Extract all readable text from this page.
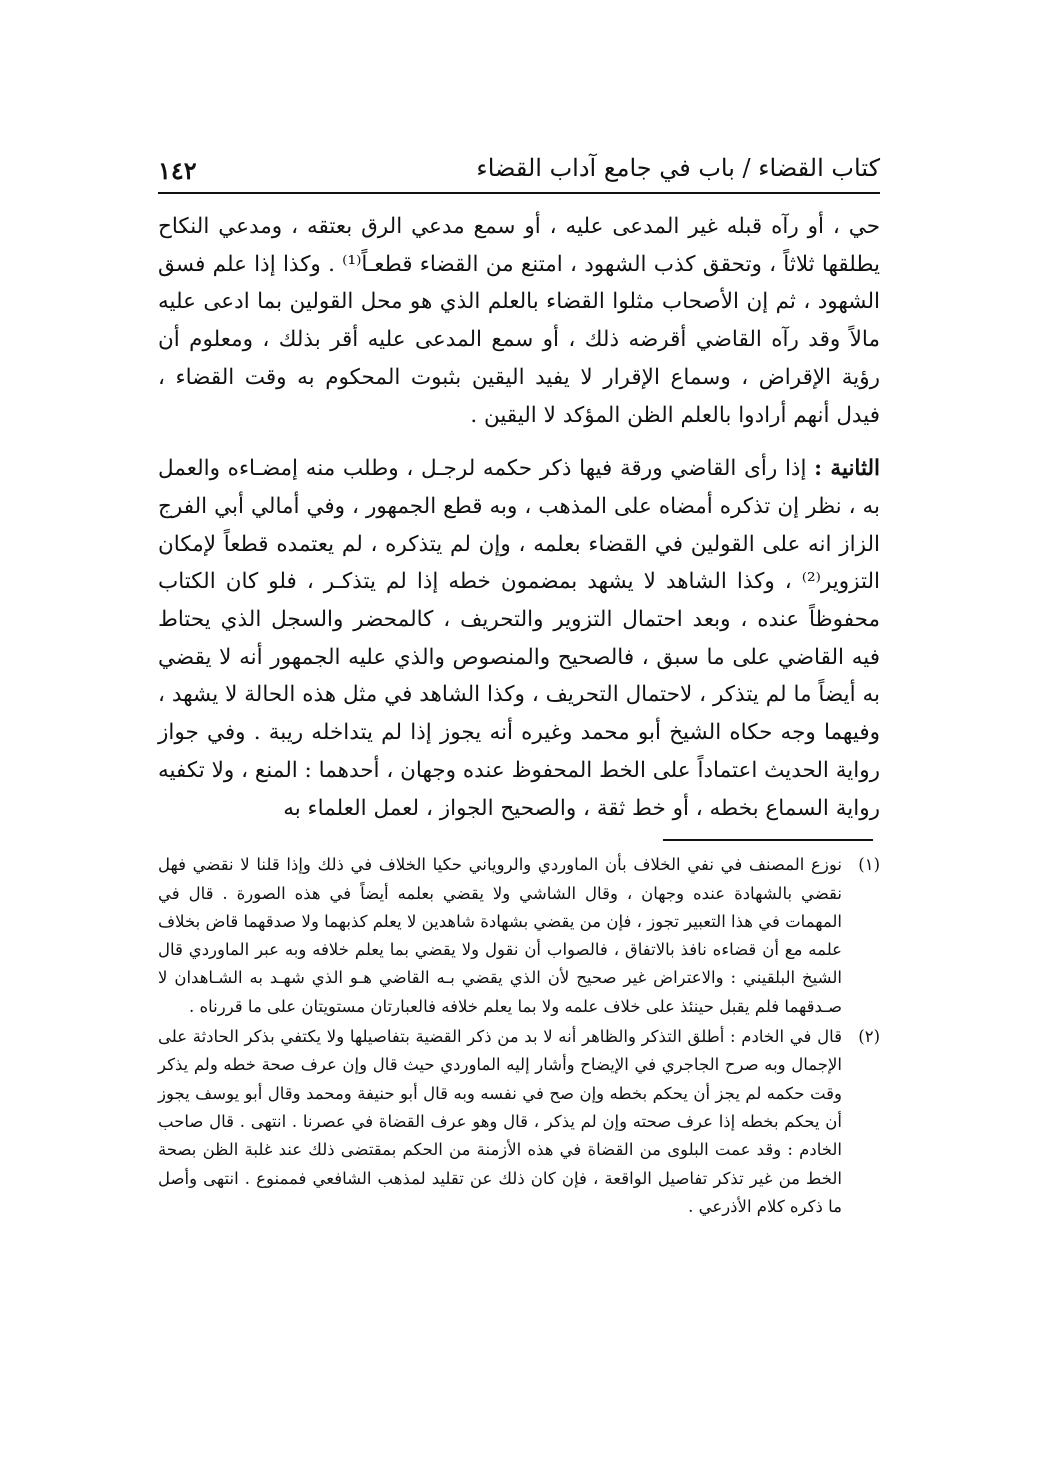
كتاب القضاء / باب في جامع آداب القضاء
١٤٢

حي ، أو رآه قبله غير المدعى عليه ، أو سمع مدعي الرق بعتقه ، ومدعي النكاح يطلقها ثلاثاً ، وتحقق كذب الشهود ، امتنع من القضاء قطعـاً⁽¹⁾ . وكذا إذا علم فسق الشهود ، ثم إن الأصحاب مثلوا القضاء بالعلم الذي هو محل القولين بما ادعى عليه مالاً وقد رآه القاضي أقرضه ذلك ، أو سمع المدعى عليه أقر بذلك ، ومعلوم أن رؤية الإقراض ، وسماع الإقرار لا يفيد اليقين بثبوت المحكوم به وقت القضاء ، فيدل أنهم أرادوا بالعلم الظن المؤكد لا اليقين .

الثانية : إذا رأى القاضي ورقة فيها ذكر حكمه لرجـل ، وطلب منه إمضـاءه والعمل به ، نظر إن تذكره أمضاه على المذهب ، وبه قطع الجمهور ، وفي أمالي أبي الفرج الزاز انه على القولين في القضاء بعلمه ، وإن لم يتذكره ، لم يعتمده قطعاً لإمكان التزوير⁽²⁾ ، وكذا الشاهد لا يشهد بمضمون خطه إذا لم يتذكـر ، فلو كان الكتاب محفوظاً عنده ، وبعد احتمال التزوير والتحريف ، كالمحضر والسجل الذي يحتاط فيه القاضي على ما سبق ، فالصحيح والمنصوص والذي عليه الجمهور أنه لا يقضي به أيضاً ما لم يتذكر ، لاحتمال التحريف ، وكذا الشاهد في مثل هذه الحالة لا يشهد ، وفيهما وجه حكاه الشيخ أبو محمد وغيره أنه يجوز إذا لم يتداخله ريبة . وفي جواز رواية الحديث اعتماداً على الخط المحفوظ عنده وجهان ، أحدهما : المنع ، ولا تكفيه رواية السماع بخطه ، أو خط ثقة ، والصحيح الجواز ، لعمل العلماء به

(١)
نوزع المصنف في نفي الخلاف بأن الماوردي والروياني حكيا الخلاف في ذلك وإذا قلنا لا نقضي فهل نقضي بالشهادة عنده وجهان ، وقال الشاشي ولا يقضي بعلمه أيضاً في هذه الصورة . قال في المهمات في هذا التعبير تجوز ، فإن من يقضي بشهادة شاهدين لا يعلم كذبهما ولا صدقهما قاض بخلاف علمه مع أن قضاءه نافذ بالاتفاق ، فالصواب أن نقول ولا يقضي بما يعلم خلافه وبه عبر الماوردي قال الشيخ البلقيني : والاعتراض غير صحيح لأن الذي يقضي بـه القاضي هـو الذي شهـد به الشـاهدان لا صـدقهما فلم يقبل حينئذ على خلاف علمه ولا بما يعلم خلافه فالعبارتان مستويتان على ما قررناه .
(٢)
قال في الخادم : أطلق التذكر والظاهر أنه لا بد من ذكر القضية بتفاصيلها ولا يكتفي بذكر الحادثة على الإجمال وبه صرح الجاجري في الإيضاح وأشار إليه الماوردي حيث قال وإن عرف صحة خطه ولم يذكر وقت حكمه لم يجز أن يحكم بخطه وإن صح في نفسه وبه قال أبو حنيفة ومحمد وقال أبو يوسف يجوز أن يحكم بخطه إذا عرف صحته وإن لم يذكر ، قال وهو عرف القضاة في عصرنا . انتهى . قال صاحب الخادم : وقد عمت البلوى من القضاة في هذه الأزمنة من الحكم بمقتضى ذلك عند غلبة الظن بصحة الخط من غير تذكر تفاصيل الواقعة ، فإن كان ذلك عن تقليد لمذهب الشافعي فممنوع . انتهى وأصل ما ذكره كلام الأذرعي .
